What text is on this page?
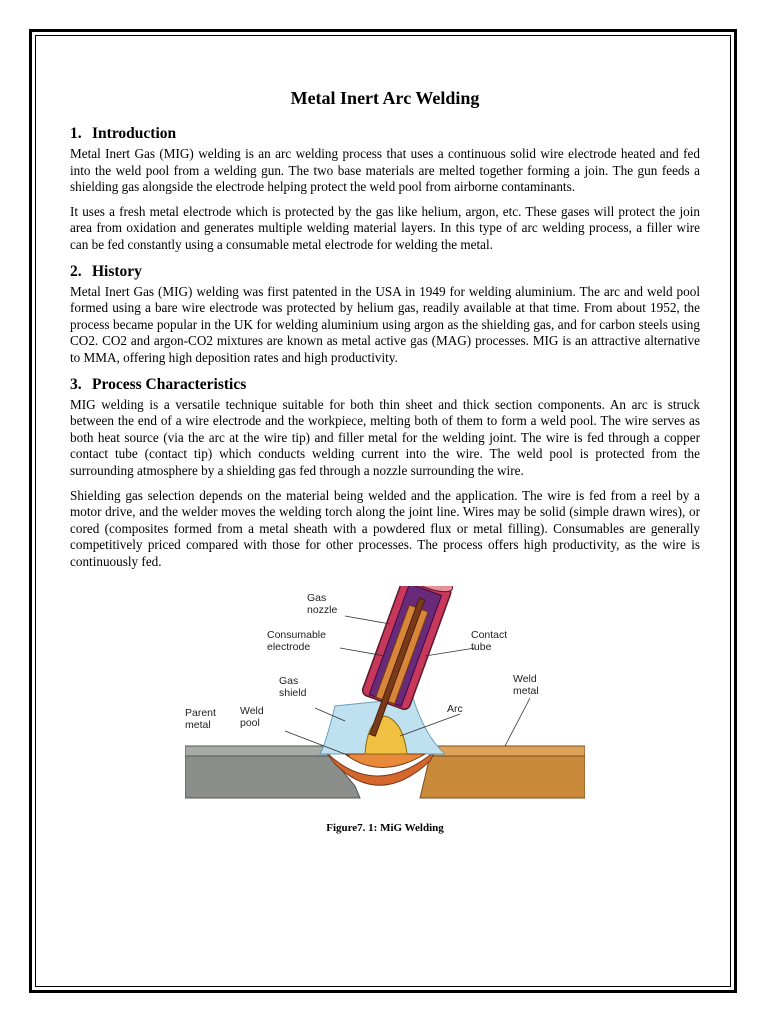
Metal Inert Arc Welding
1. Introduction

Metal Inert Gas (MIG) welding is an arc welding process that uses a continuous solid wire electrode heated and fed into the weld pool from a welding gun. The two base materials are melted together forming a join. The gun feeds a shielding gas alongside the electrode helping protect the weld pool from airborne contaminants.

It uses a fresh metal electrode which is protected by the gas like helium, argon, etc. These gases will protect the join area from oxidation and generates multiple welding material layers. In this type of arc welding process, a filler wire can be fed constantly using a consumable metal electrode for welding the metal.

2. History

Metal Inert Gas (MIG) welding was first patented in the USA in 1949 for welding aluminium. The arc and weld pool formed using a bare wire electrode was protected by helium gas, readily available at that time. From about 1952, the process became popular in the UK for welding aluminium using argon as the shielding gas, and for carbon steels using CO2. CO2 and argon-CO2 mixtures are known as metal active gas (MAG) processes. MIG is an attractive alternative to MMA, offering high deposition rates and high productivity.

3. Process Characteristics

MIG welding is a versatile technique suitable for both thin sheet and thick section components. An arc is struck between the end of a wire electrode and the workpiece, melting both of them to form a weld pool. The wire serves as both heat source (via the arc at the wire tip) and filler metal for the welding joint. The wire is fed through a copper contact tube (contact tip) which conducts welding current into the wire. The weld pool is protected from the surrounding atmosphere by a shielding gas fed through a nozzle surrounding the wire.

Shielding gas selection depends on the material being welded and the application. The wire is fed from a reel by a motor drive, and the welder moves the welding torch along the joint line. Wires may be solid (simple drawn wires), or cored (composites formed from a metal sheath with a powdered flux or metal filling). Consumables are generally competitively priced compared with those for other processes. The process offers high productivity, as the wire is continuously fed.

Gas
nozzle
Consumable
electrode
Contact
tube
Gas
shield
Parent
metal
Weld
pool
Arc
Weld
metal
Figure7. 1: MiG Welding
